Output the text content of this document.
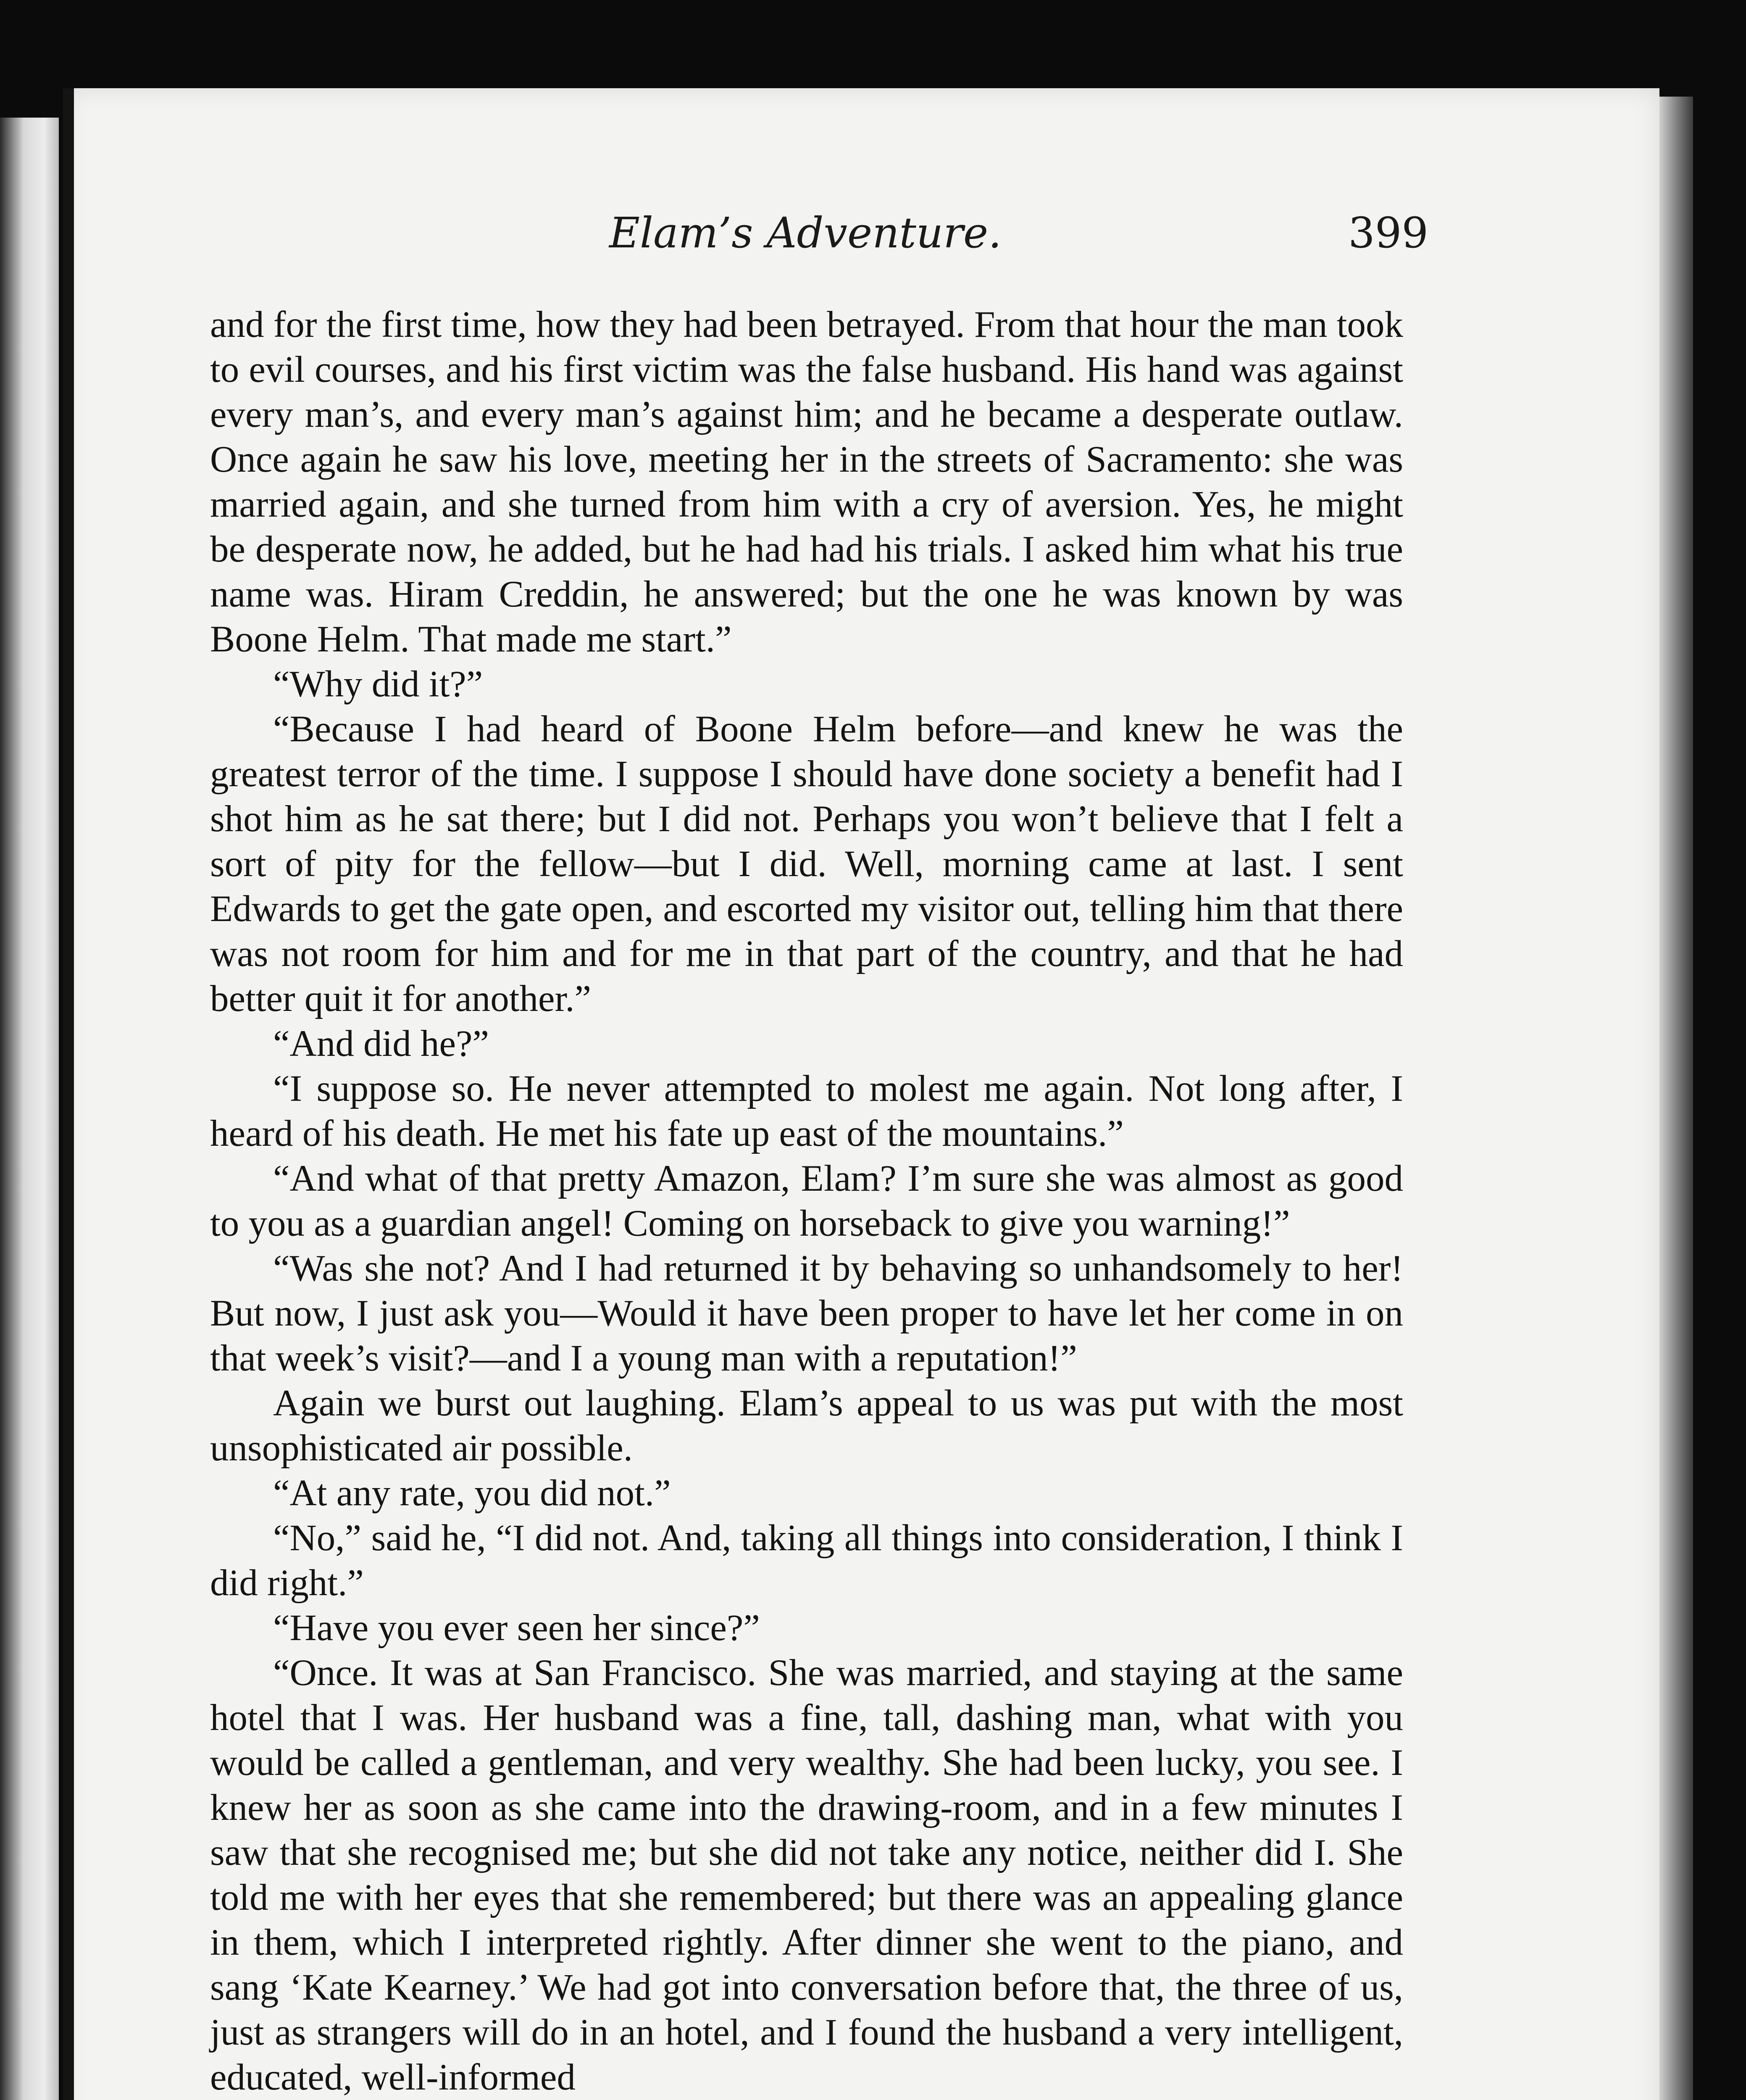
Elam’s Adventure.	399

and for the first time, how they had been betrayed. From that hour the man took to evil courses, and his first victim was the false husband. His hand was against every man’s, and every man’s against him; and he became a desperate outlaw. Once again he saw his love, meeting her in the streets of Sacramento: she was married again, and she turned from him with a cry of aversion. Yes, he might be desperate now, he added, but he had had his trials. I asked him what his true name was. Hiram Creddin, he answered; but the one he was known by was Boone Helm. That made me start.”

“Why did it?”

“Because I had heard of Boone Helm before—and knew he was the greatest terror of the time. I suppose I should have done society a benefit had I shot him as he sat there; but I did not. Perhaps you won’t believe that I felt a sort of pity for the fellow—but I did. Well, morning came at last. I sent Edwards to get the gate open, and escorted my visitor out, telling him that there was not room for him and for me in that part of the country, and that he had better quit it for another.”

“And did he?”

“I suppose so. He never attempted to molest me again. Not long after, I heard of his death. He met his fate up east of the mountains.”

“And what of that pretty Amazon, Elam? I’m sure she was almost as good to you as a guardian angel! Coming on horseback to give you warning!”

“Was she not? And I had returned it by behaving so unhandsomely to her! But now, I just ask you—Would it have been proper to have let her come in on that week’s visit?—and I a young man with a reputation!”

Again we burst out laughing. Elam’s appeal to us was put with the most unsophisticated air possible.

“At any rate, you did not.”

“No,” said he, “I did not. And, taking all things into consideration, I think I did right.”

“Have you ever seen her since?”

“Once. It was at San Francisco. She was married, and staying at the same hotel that I was. Her husband was a fine, tall, dashing man, what with you would be called a gentleman, and very wealthy. She had been lucky, you see. I knew her as soon as she came into the drawing-room, and in a few minutes I saw that she recognised me; but she did not take any notice, neither did I. She told me with her eyes that she remembered; but there was an appealing glance in them, which I interpreted rightly. After dinner she went to the piano, and sang ‘Kate Kearney.’ We had got into conversation before that, the three of us, just as strangers will do in an hotel, and I found the husband a very intelligent, educated, well-informed
